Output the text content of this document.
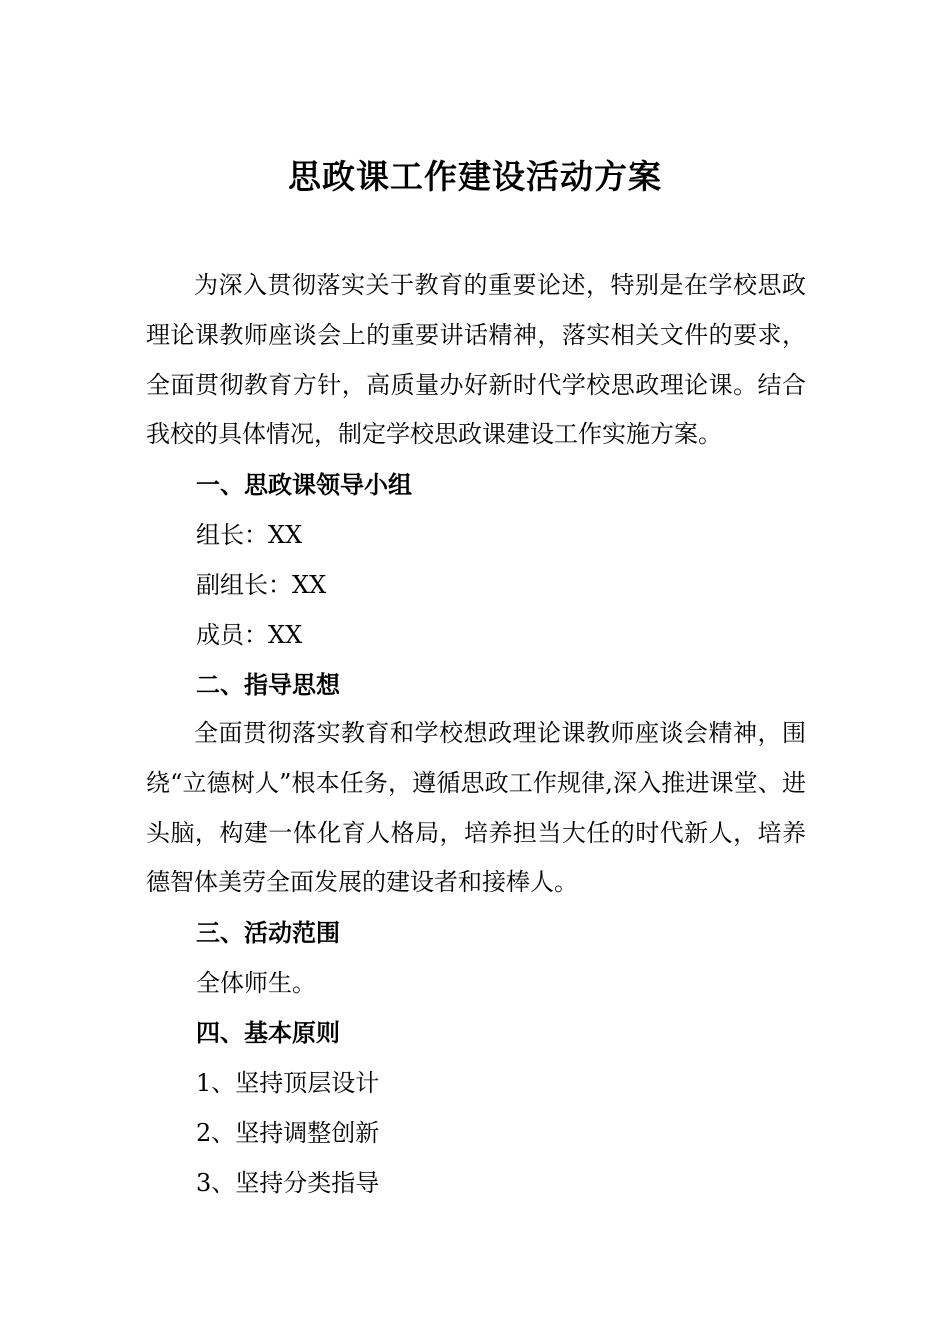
思政课工作建设活动方案

为深入贯彻落实关于教育的重要论述，特别是在学校思政理论课教师座谈会上的重要讲话精神，落实相关文件的要求，全面贯彻教育方针，高质量办好新时代学校思政理论课。结合我校的具体情况，制定学校思政课建设工作实施方案。

一、思政课领导小组
组长：XX
副组长：XX
成员：XX
二、指导思想

全面贯彻落实教育和学校想政理论课教师座谈会精神，围绕“立德树人”根本任务，遵循思政工作规律,深入推进课堂、进头脑，构建一体化育人格局，培养担当大任的时代新人，培养德智体美劳全面发展的建设者和接棒人。

三、活动范围
全体师生。
四、基本原则
1、坚持顶层设计
2、坚持调整创新
3、坚持分类指导
